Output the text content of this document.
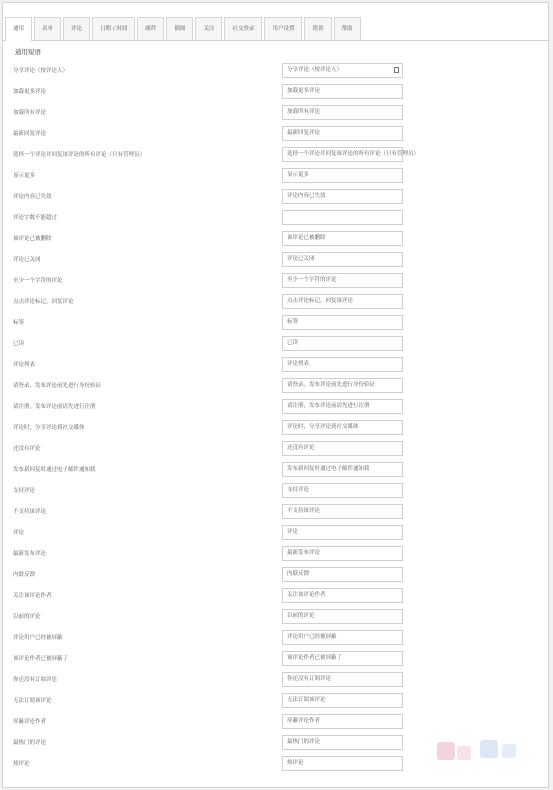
通用	表单	评论	日期 / 时间	邮件	插图	关注	社交登录	用户设置	错误	帮助
通用短语
分享评论（按评论人）	分享评论（按评论人）
加载更多评论	加载更多评论
加载所有评论	加载所有评论
最新回复评论	最新回复评论
选择一个评论并回复该评论的所有评论（只有管理员）	选择一个评论并回复该评论的所有评论（只有管理员）
显示更多	显示更多
评论内容已失效	评论内容已失效
评论字数不能超过
该评论已被删除	该评论已被删除
评论已关闭	评论已关闭
至少一个字符的评论	至少一个字符的评论
点击评论标记，回复评论	点击评论标记，回复该评论
标签	标签
已读	已读
评论列表	评论列表
请登录，发布评论前先进行身份验证	请登录，发布评论前先进行身份验证
请注册，发布评论前请先进行注册	请注册，发布评论前请先进行注册
评论时，分享评论到社交媒体	评论时，分享评论到社交媒体
还没有评论	还没有评论
发布新回复时通过电子邮件通知我	发布新回复时通过电子邮件通知我
支持评论	支持评论
不支持该评论	不支持该评论
评论	评论
最新发布评论	最新发布评论
内联反馈	内联反馈
关注该评论作者	关注该评论作者
以前的评论	以前的评论
评论用户已经被屏蔽	评论用户已经被屏蔽
该评论作者已被屏蔽了	该评论作者已被屏蔽了
你还没有订阅评论	你还没有订阅评论
无法订阅该评论	无法订阅该评论
屏蔽评论作者	屏蔽评论作者
最热门的评论	最热门的评论
热评论	热评论
